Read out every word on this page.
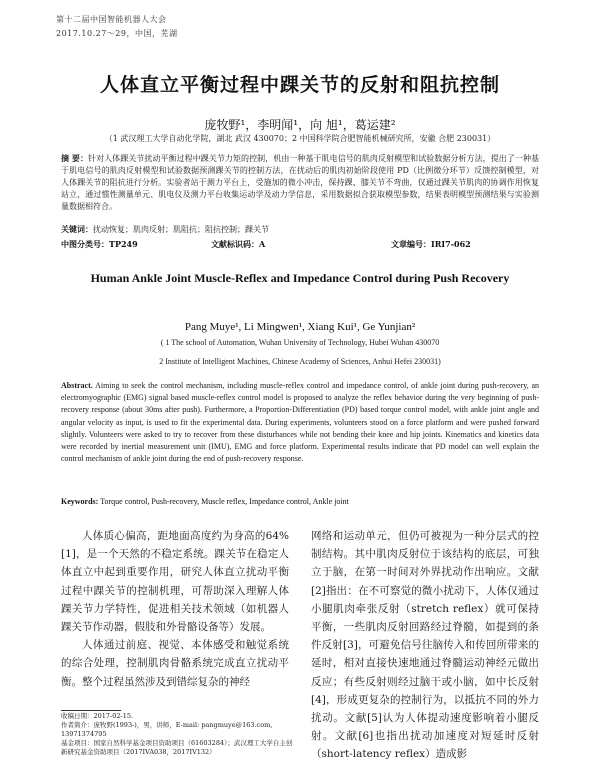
第十二届中国智能机器人大会
2017.10.27～29，中国，芜湖
人体直立平衡过程中踝关节的反射和阻抗控制
庞牧野¹，李明闻¹，向 旭¹，葛运建²
（1 武汉理工大学自动化学院，湖北 武汉 430070；2 中国科学院合肥智能机械研究所，安徽 合肥 230031）
摘 要：针对人体踝关节扰动平衡过程中踝关节力矩的控制，机由一种基于肌电信号的肌肉反射模型和试验数据分析方法，提出了一种基于肌电信号的肌肉反射模型和试验数据预测踝关节的控制方法，在扰动后的肌肉初始阶段使用 PD（比例微分环节）反馈控制模型，对人体踝关节的阻抗进行分析。实验者站于测力平台上，受施加的微小冲击，保持踝、膝关节不弯曲，仅通过踝关节肌肉的协调作用恢复站立，通过惯性测量单元、肌电仪及测力平台收集运动学及动力学信息，采用数据拟合获取模型参数，结果表明模型预测结果与实验测量数据相符合。
关键词：扰动恢复；肌肉反射；肌阻抗；阻抗控制；踝关节
中图分类号：TP249	文献标识码：A	文章编号：IRI7-062
Human Ankle Joint Muscle-Reflex and Impedance Control during Push Recovery
Pang Muye¹, Li Mingwen¹, Xiang Kui¹, Ge Yunjian²
( 1 The school of Automation, Wuhan University of Technology, Hubei Wuhan 430070
2 Institute of Intelligent Machines, Chinese Academy of Sciences, Anhui Hefei 230031)
Abstract. Aiming to seek the control mechanism, including muscle-reflex control and impedance control, of ankle joint during push-recovery, an electromyographic (EMG) signal based muscle-reflex control model is proposed to analyze the reflex behavior during the very beginning of push-recovery response (about 30ms after push). Furthermore, a Proportion-Differentiation (PD) based torque control model, with ankle joint angle and angular velocity as input, is used to fit the experimental data. During experiments, volunteers stood on a force platform and were pushed forward slightly. Volunteers were asked to try to recover from these disturbances while not bending their knee and hip joints. Kinematics and kinetics data were recorded by inertial measurement unit (IMU), EMG and force platform. Experimental results indicate that PD model can well explain the control mechanism of ankle joint during the end of push-recovery response.
Keywords: Torque control, Push-recovery, Muscle reflex, Impedance control, Ankle joint

人体质心偏高，距地面高度约为身高的64%[1]，是一个天然的不稳定系统。踝关节在稳定人体直立中起到重要作用，研究人体直立扰动平衡过程中踝关节的控制机理，可帮助深入理解人体踝关节力学特性，促进相关技术领域（如机器人踝关节作动器，假肢和外骨骼设备等）发展。

人体通过前庭、视觉、本体感受和触觉系统的综合处理，控制肌肉骨骼系统完成直立扰动平衡。整个过程虽然涉及到错综复杂的神经

网络和运动单元，但仍可被视为一种分层式的控制结构。其中肌肉反射位于该结构的底层，可独立于脑，在第一时间对外界扰动作出响应。文献[2]指出：在不可察觉的微小扰动下，人体仅通过小腿肌肉牵张反射（stretch reflex）就可保持平衡，一些肌肉反射回路经过脊髓，如提到的条件反射[3]，可避免信号往脑传入和传回所带来的延时，相对直接快速地通过脊髓运动神经元做出反应；有些反射则经过脑干或小脑，如中长反射[4]，形成更复杂的控制行为，以抵抗不同的外力扰动。文献[5]认为人体提动速度影响着小腿反射。文献[6]也指出扰动加速度对短延时反射（short-latency reflex）造成影

收稿日期：2017-02-15.
作者简介：庞牧野(1993-)，男，讲师，E-mail: pangmuye@163.com, 13971374795
基金项目：国家自然科学基金项目资助项目（61603284）；武汉理工大学自主创新研究基金资助项目（2017IVA038，2017IV132）
